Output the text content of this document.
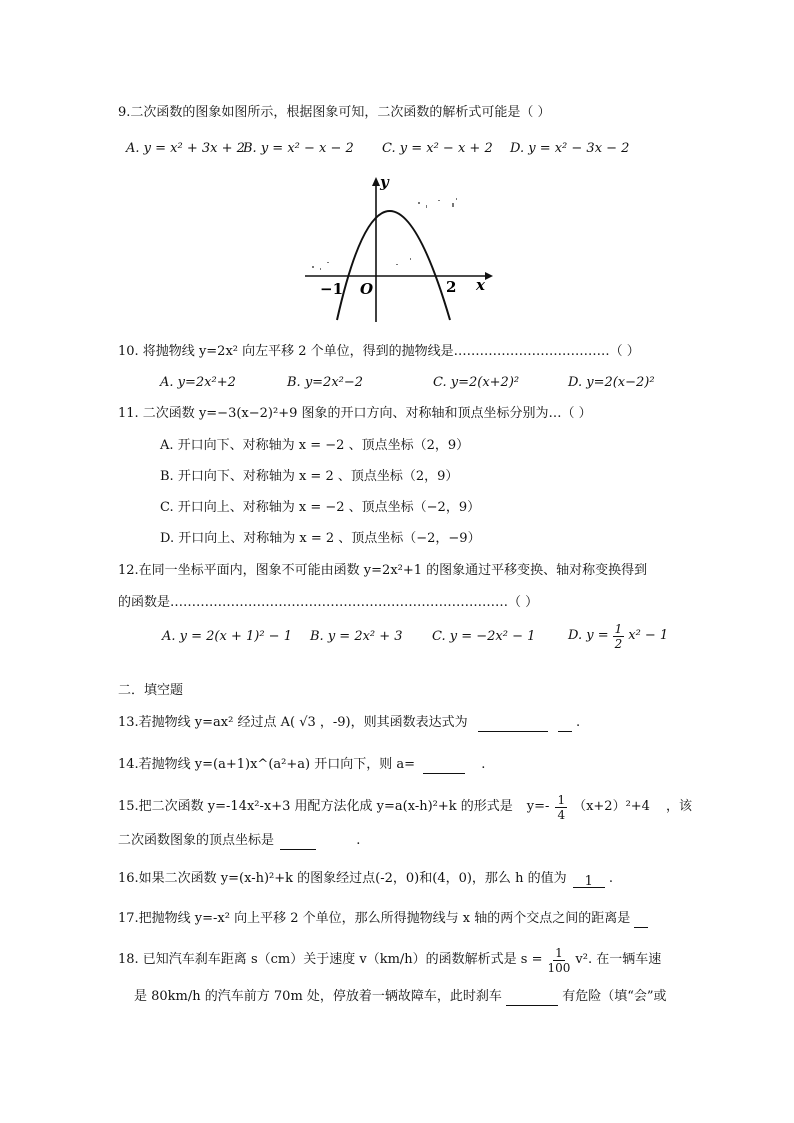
9.二次函数的图象如图所示，根据图象可知，二次函数的解析式可能是（ ）
A. y = x² + 3x + 2
B. y = x² − x − 2 C. y = x² − x + 2 D. y = x² − 3x − 2
y
x
O
−1	2
10. 将抛物线 y=2x² 向左平移 2 个单位，得到的抛物线是………………………………（ ）
A. y=2x²+2	B. y=2x²−2	C. y=2(x+2)²	D. y=2(x−2)²
11. 二次函数 y=−3(x−2)²+9 图象的开口方向、对称轴和顶点坐标分别为…（ ）
A. 开口向下、对称轴为 x = −2 、顶点坐标（2，9）
B. 开口向下、对称轴为 x = 2 、顶点坐标（2，9）
C. 开口向上、对称轴为 x = −2 、顶点坐标（−2，9）
D. 开口向上、对称轴为 x = 2 、顶点坐标（−2，−9）
12.在同一坐标平面内，图象不可能由函数 y=2x²+1 的图象通过平移变换、轴对称变换得到
的函数是……………………………………………………………………（ ）
A. y = 2(x + 1)² − 1 B. y = 2x² + 3 C. y = −2x² − 1	D. $y = \frac{1}{2} x^2 - 1$
二．填空题
13.若抛物线 y=ax² 经过点 A( √3 ，-9)，则其函数表达式为	.
14.若抛物线 y=(a+1)x^(a²+a) 开口向下，则 a=	.
15.把二次函数 y=-14x²-x+3 用配方法化成 y=a(x-h)²+k 的形式是 $y=- \frac{1}{4} (x+2)^2+4$ ，该
二次函数图象的顶点坐标是	.
16.如果二次函数 y=(x-h)²+k 的图象经过点(-2，0)和(4，0)，那么 h 的值为 1 .
17.把抛物线 y=-x² 向上平移 2 个单位，那么所得抛物线与 x 轴的两个交点之间的距离是
18. 已知汽车刹车距离 s（cm）关于速度 v（km/h）的函数解析式是 $s = \frac{1}{100} v^2$. 在一辆车速
是 80km/h 的汽车前方 70m 处，停放着一辆故障车，此时刹车	有危险（填“会”或
